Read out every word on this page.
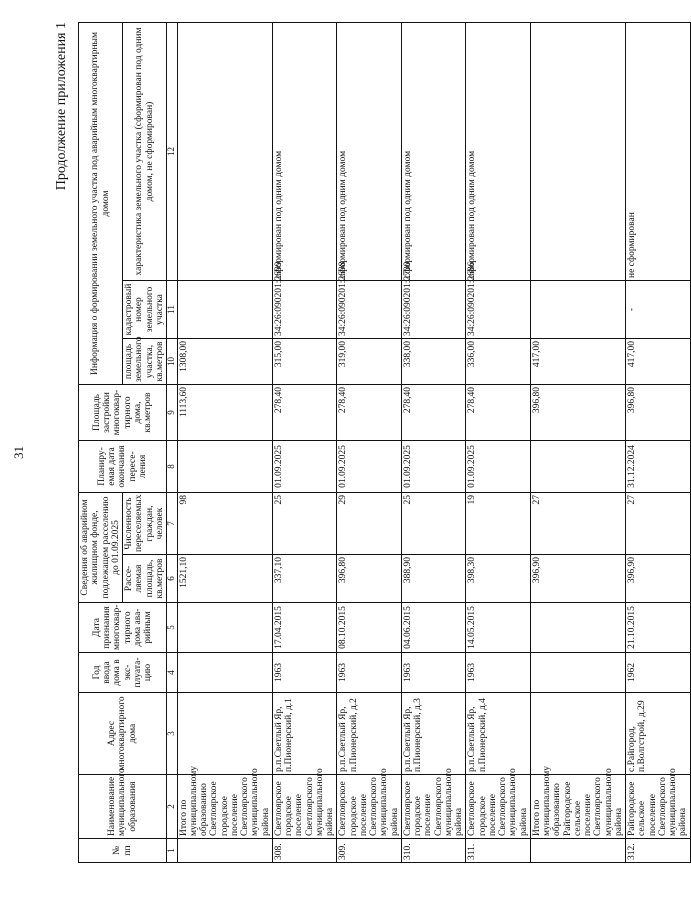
31
Продолжение приложения 1
№ пп	Наименование муниципального образования	Адрес многоквартирного дома	Год ввода дома в экс-плуата-цию	Дата признания многоквар-тирного дома ава-рийным	Сведения об аварийном жилищном фонде, подлежащем расселению до 01.09.2025		Планиру-емая дата окончания пересе-ления	Площадь застройки многоквар-тирного дома, кв.метров	Информация о формировании земельного участка под аварийным многоквартирным домом		
					Рассе-ляемая площадь, кв.метров	Численность переселяемых граждан, человек			площадь земельного участка, кв.метров	кадастровый номер земельного участка	характеристика земельного участка (сформирован под одним домом, не сформирован)
1	2	3	4	5	6	7	8	9	10	11	12
	Итого по муниципальному образованию Светлоярское городское поселение Светлоярского муниципального района				1521,10	98		1113,60	1308,00		
308.	Светлоярское городское поселение Светлоярского муниципального района	р.п.Светлый Яр, п.Пионерский, д.1	1963	17.04.2015	337,10	25	01.09.2025	278,40	315,00	34:26:090201:2699	сформирован под одним домом
309.	Светлоярское городское поселение Светлоярского муниципального района	р.п.Светлый Яр, п.Пионерский, д.2	1963	08.10.2015	396,80	29	01.09.2025	278,40	319,00	34:26:090201:2698	сформирован под одним домом
310.	Светлоярское городское поселение Светлоярского муниципального района	р.п.Светлый Яр, п.Пионерский, д.3	1963	04.06.2015	388,90	25	01.09.2025	278,40	338,00	34:26:090201:2700	сформирован под одним домом
311.	Светлоярское городское поселение Светлоярского муниципального района	р.п.Светлый Яр, п.Пионерский, д.4	1963	14.05.2015	398,30	19	01.09.2025	278,40	336,00	34:26:090201:2686	сформирован под одним домом
	Итого по муниципальному образованию Райгородское сельское поселение Светлоярского муниципального района				396,90	27		396,80	417,00		
312.	Райгородское сельское поселение Светлоярского муниципального района	с.Райгород, п.Волгстрой, д.29	1962	21.10.2015	396,90	27	31.12.2024	396,80	417,00	-	не сформирован
